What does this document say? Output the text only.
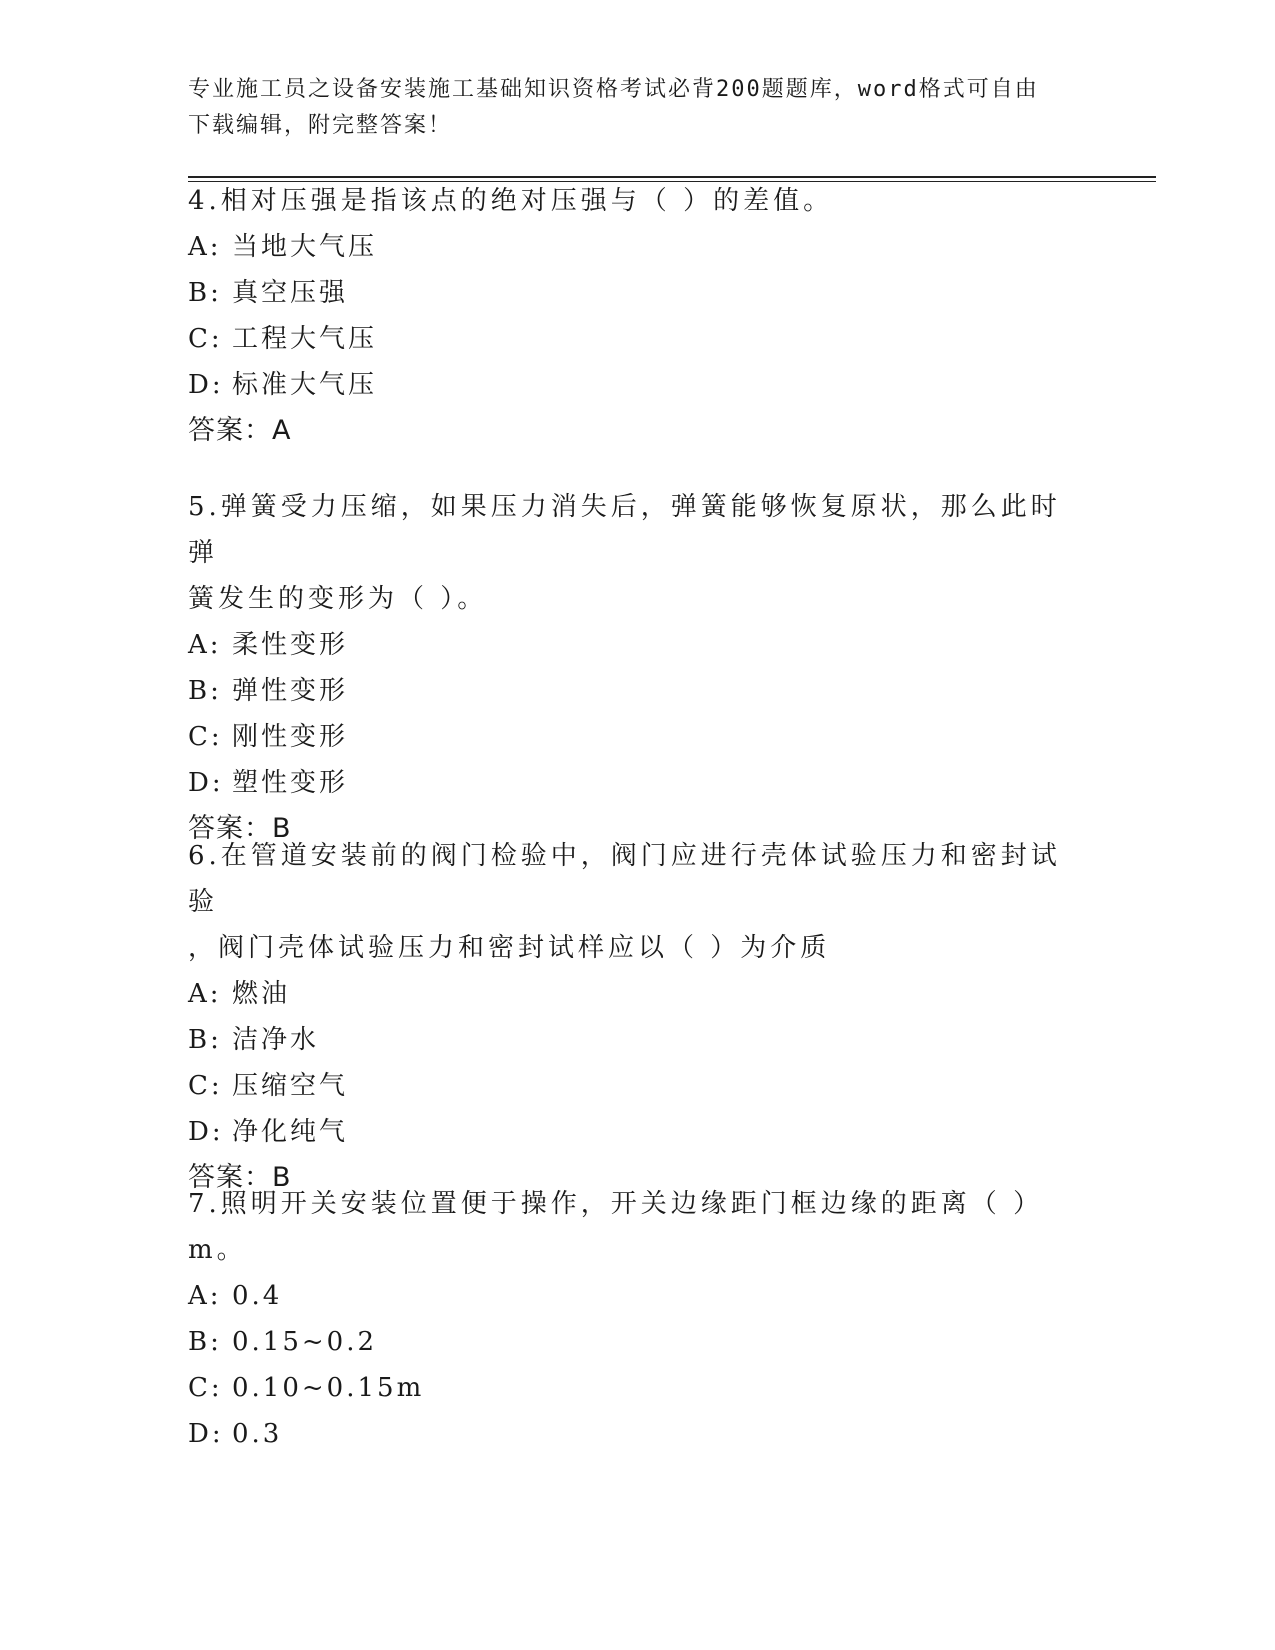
专业施工员之设备安装施工基础知识资格考试必背200题题库，word格式可自由
下载编辑，附完整答案！
4.相对压强是指该点的绝对压强与（ ）的差值。
A: 当地大气压
B: 真空压强
C: 工程大气压
D: 标准大气压
答案：A
5.弹簧受力压缩，如果压力消失后，弹簧能够恢复原状，那么此时弹
簧发生的变形为（ ）。
A: 柔性变形
B: 弹性变形
C: 刚性变形
D: 塑性变形
答案：B
6.在管道安装前的阀门检验中，阀门应进行壳体试验压力和密封试验
，阀门壳体试验压力和密封试样应以（ ）为介质
A: 燃油
B: 洁净水
C: 压缩空气
D: 净化纯气
答案：B
7.照明开关安装位置便于操作，开关边缘距门框边缘的距离（ ）m。
A: 0.4
B: 0.15~0.2
C: 0.10~0.15m
D: 0.3
